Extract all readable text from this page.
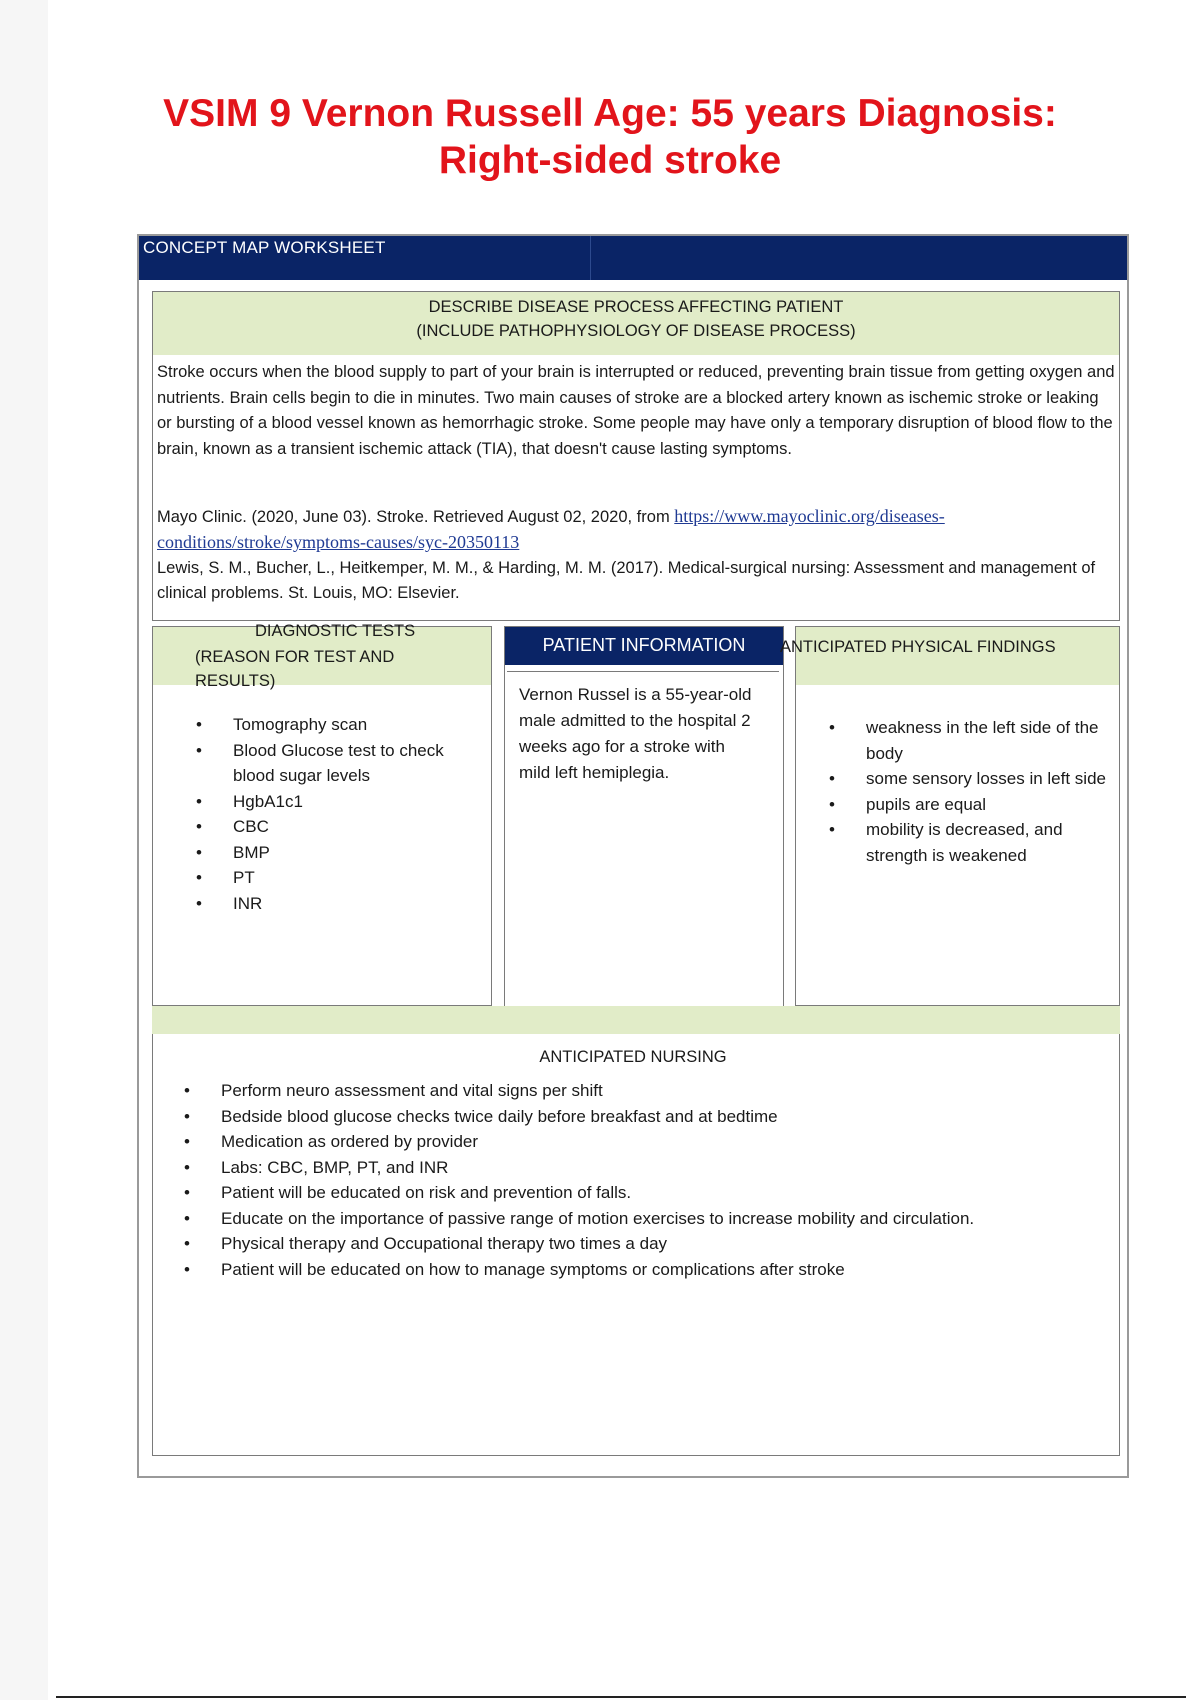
VSIM 9 Vernon Russell Age: 55 years Diagnosis: Right-sided stroke
CONCEPT MAP WORKSHEET
DESCRIBE DISEASE PROCESS AFFECTING PATIENT
(INCLUDE PATHOPHYSIOLOGY OF DISEASE PROCESS)
Stroke occurs when the blood supply to part of your brain is interrupted or reduced, preventing brain tissue from getting oxygen and nutrients. Brain cells begin to die in minutes. Two main causes of stroke are a blocked artery known as ischemic stroke or leaking or bursting of a blood vessel known as hemorrhagic stroke. Some people may have only a temporary disruption of blood flow to the brain, known as a transient ischemic attack (TIA), that doesn't cause lasting symptoms.
Mayo Clinic. (2020, June 03). Stroke. Retrieved August 02, 2020, from https://www.mayoclinic.org/diseases-conditions/stroke/symptoms-causes/syc-20350113
Lewis, S. M., Bucher, L., Heitkemper, M. M., & Harding, M. M. (2017). Medical-surgical nursing: Assessment and management of clinical problems. St. Louis, MO: Elsevier.
DIAGNOSTIC TESTS
(REASON FOR TEST AND RESULTS)
• Tomography scan
• Blood Glucose test to check blood sugar levels
• HgbA1c1
• CBC
• BMP
• PT
• INR
PATIENT INFORMATION
Vernon Russel is a 55-year-old male admitted to the hospital 2 weeks ago for a stroke with mild left hemiplegia.
ANTICIPATED PHYSICAL FINDINGS
• weakness in the left side of the body
• some sensory losses in left side
• pupils are equal
• mobility is decreased, and strength is weakened
ANTICIPATED NURSING
• Perform neuro assessment and vital signs per shift
• Bedside blood glucose checks twice daily before breakfast and at bedtime
• Medication as ordered by provider
• Labs: CBC, BMP, PT, and INR
• Patient will be educated on risk and prevention of falls.
• Educate on the importance of passive range of motion exercises to increase mobility and circulation.
• Physical therapy and Occupational therapy two times a day
• Patient will be educated on how to manage symptoms or complications after stroke
